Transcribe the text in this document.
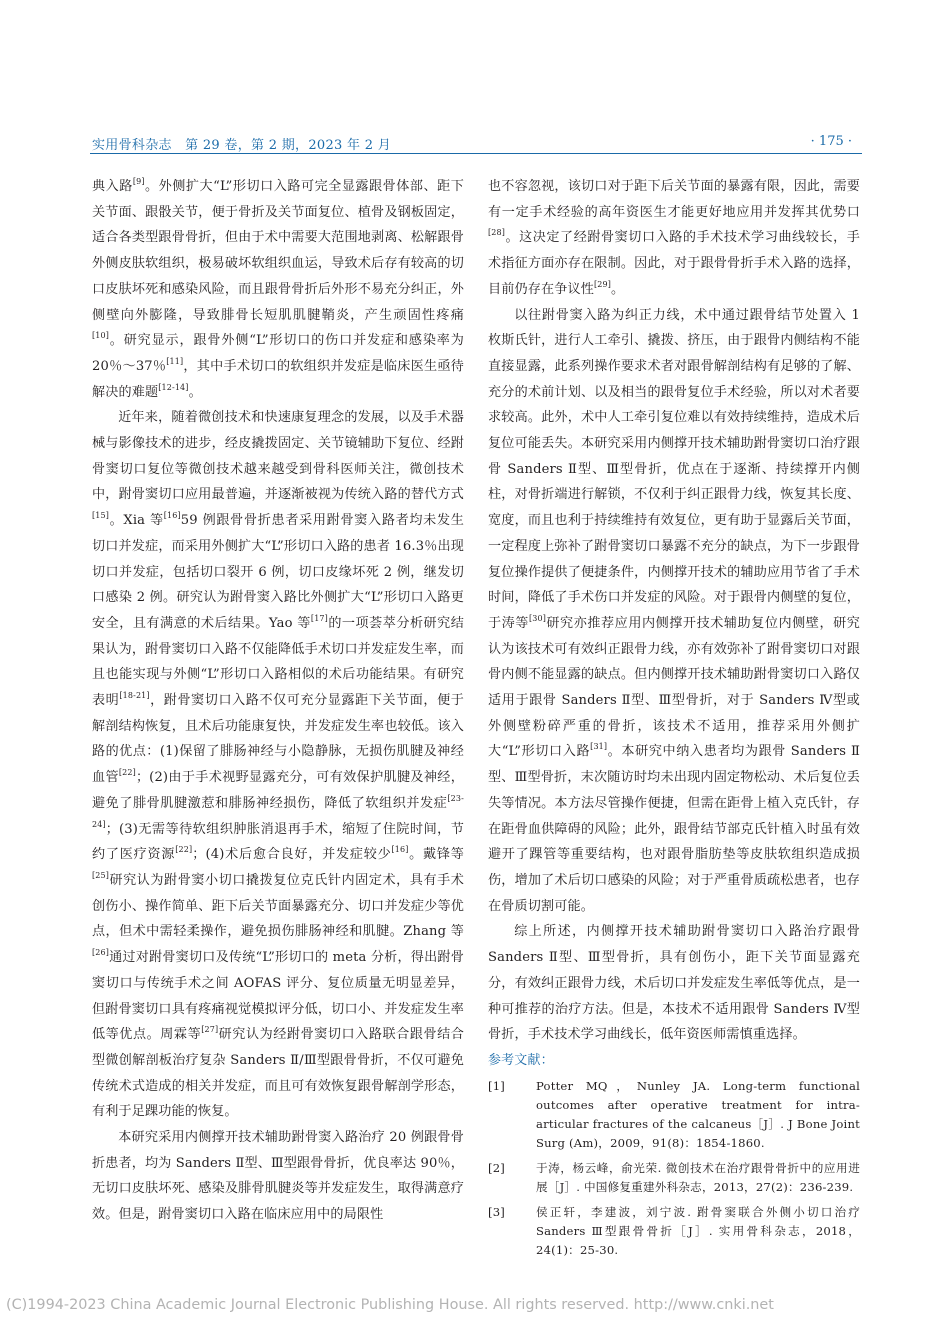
实用骨科杂志　第 29 卷，第 2 期，2023 年 2 月	· 175 ·

典入路[9]。外侧扩大“L”形切口入路可完全显露跟骨体部、距下关节面、跟骰关节，便于骨折及关节面复位、植骨及钢板固定，适合各类型跟骨骨折，但由于术中需要大范围地剥离、松解跟骨外侧皮肤软组织，极易破坏软组织血运，导致术后存有较高的切口皮肤坏死和感染风险，而且跟骨骨折后外形不易充分纠正，外侧壁向外膨隆，导致腓骨长短肌肌腱鞘炎，产生顽固性疼痛[10]。研究显示，跟骨外侧“L”形切口的伤口并发症和感染率为 20％～37％[11]，其中手术切口的软组织并发症是临床医生亟待解决的难题[12-14]。

近年来，随着微创技术和快速康复理念的发展，以及手术器械与影像技术的进步，经皮撬拨固定、关节镜辅助下复位、经跗骨窦切口复位等微创技术越来越受到骨科医师关注，微创技术中，跗骨窦切口应用最普遍，并逐渐被视为传统入路的替代方式[15]。Xia 等[16]59 例跟骨骨折患者采用跗骨窦入路者均未发生切口并发症，而采用外侧扩大“L”形切口入路的患者 16.3％出现切口并发症，包括切口裂开 6 例，切口皮缘坏死 2 例，继发切口感染 2 例。研究认为跗骨窦入路比外侧扩大“L”形切口入路更安全，且有满意的术后结果。Yao 等[17]的一项荟萃分析研究结果认为，跗骨窦切口入路不仅能降低手术切口并发症发生率，而且也能实现与外侧“L”形切口入路相似的术后功能结果。有研究表明[18-21]，跗骨窦切口入路不仅可充分显露距下关节面，便于解剖结构恢复，且术后功能康复快，并发症发生率也较低。该入路的优点：(1)保留了腓肠神经与小隐静脉，无损伤肌腱及神经血管[22]；(2)由于手术视野显露充分，可有效保护肌腱及神经，避免了腓骨肌腱激惹和腓肠神经损伤，降低了软组织并发症[23-24]；(3)无需等待软组织肿胀消退再手术，缩短了住院时间，节约了医疗资源[22]；(4)术后愈合良好，并发症较少[16]。戴锋等[25]研究认为跗骨窦小切口撬拨复位克氏针内固定术，具有手术创伤小、操作简单、距下后关节面暴露充分、切口并发症少等优点，但术中需轻柔操作，避免损伤腓肠神经和肌腱。Zhang 等[26]通过对跗骨窦切口及传统“L”形切口的 meta 分析，得出跗骨窦切口与传统手术之间 AOFAS 评分、复位质量无明显差异，但跗骨窦切口具有疼痛视觉模拟评分低，切口小、并发症发生率低等优点。周霖等[27]研究认为经跗骨窦切口入路联合跟骨结合型微创解剖板治疗复杂 Sanders Ⅱ/Ⅲ型跟骨骨折，不仅可避免传统术式造成的相关并发症，而且可有效恢复跟骨解剖学形态，有利于足踝功能的恢复。

本研究采用内侧撑开技术辅助跗骨窦入路治疗 20 例跟骨骨折患者，均为 Sanders Ⅱ型、Ⅲ型跟骨骨折，优良率达 90％，无切口皮肤坏死、感染及腓骨肌腱炎等并发症发生，取得满意疗效。但是，跗骨窦切口入路在临床应用中的局限性

也不容忽视，该切口对于距下后关节面的暴露有限，因此，需要有一定手术经验的高年资医生才能更好地应用并发挥其优势口[28]。这决定了经跗骨窦切口入路的手术技术学习曲线较长，手术指征方面亦存在限制。因此，对于跟骨骨折手术入路的选择，目前仍存在争议性[29]。

以往跗骨窦入路为纠正力线，术中通过跟骨结节处置入 1 枚斯氏针，进行人工牵引、撬拨、挤压，由于跟骨内侧结构不能直接显露，此系列操作要求术者对跟骨解剖结构有足够的了解、充分的术前计划、以及相当的跟骨复位手术经验，所以对术者要求较高。此外，术中人工牵引复位难以有效持续维持，造成术后复位可能丢失。本研究采用内侧撑开技术辅助跗骨窦切口治疗跟骨 Sanders Ⅱ型、Ⅲ型骨折，优点在于逐渐、持续撑开内侧柱，对骨折端进行解锁，不仅利于纠正跟骨力线，恢复其长度、宽度，而且也利于持续维持有效复位，更有助于显露后关节面，一定程度上弥补了跗骨窦切口暴露不充分的缺点，为下一步跟骨复位操作提供了便捷条件，内侧撑开技术的辅助应用节省了手术时间，降低了手术伤口并发症的风险。对于跟骨内侧壁的复位，于涛等[30]研究亦推荐应用内侧撑开技术辅助复位内侧壁，研究认为该技术可有效纠正跟骨力线，亦有效弥补了跗骨窦切口对跟骨内侧不能显露的缺点。但内侧撑开技术辅助跗骨窦切口入路仅适用于跟骨 Sanders Ⅱ型、Ⅲ型骨折，对于 Sanders Ⅳ型或外侧壁粉碎严重的骨折，该技术不适用，推荐采用外侧扩大“L”形切口入路[31]。本研究中纳入患者均为跟骨 Sanders Ⅱ型、Ⅲ型骨折，末次随访时均未出现内固定物松动、术后复位丢失等情况。本方法尽管操作便捷，但需在距骨上植入克氏针，存在距骨血供障碍的风险；此外，跟骨结节部克氏针植入时虽有效避开了踝管等重要结构，也对跟骨脂肪垫等皮肤软组织造成损伤，增加了术后切口感染的风险；对于严重骨质疏松患者，也存在骨质切割可能。

综上所述，内侧撑开技术辅助跗骨窦切口入路治疗跟骨 Sanders Ⅱ型、Ⅲ型骨折，具有创伤小，距下关节面显露充分，有效纠正跟骨力线，术后切口并发症发生率低等优点，是一种可推荐的治疗方法。但是，本技术不适用跟骨 Sanders Ⅳ型骨折，手术技术学习曲线长，低年资医师需慎重选择。

参考文献：

[1]	Potter MQ，Nunley JA. Long-term functional outcomes after operative treatment for intra-articular fractures of the calcaneus［J］. J Bone Joint Surg (Am)，2009，91(8)：1854-1860.
[2]	于涛，杨云峰，俞光荣. 微创技术在治疗跟骨骨折中的应用进展［J］. 中国修复重建外科杂志，2013，27(2)：236-239.
[3]	侯正轩，李建波，刘宁波. 跗骨窦联合外侧小切口治疗 Sanders Ⅲ型跟骨骨折［J］. 实用骨科杂志，2018，24(1)：25-30.
(C)1994-2023 China Academic Journal Electronic Publishing House. All rights reserved. http://www.cnki.net
